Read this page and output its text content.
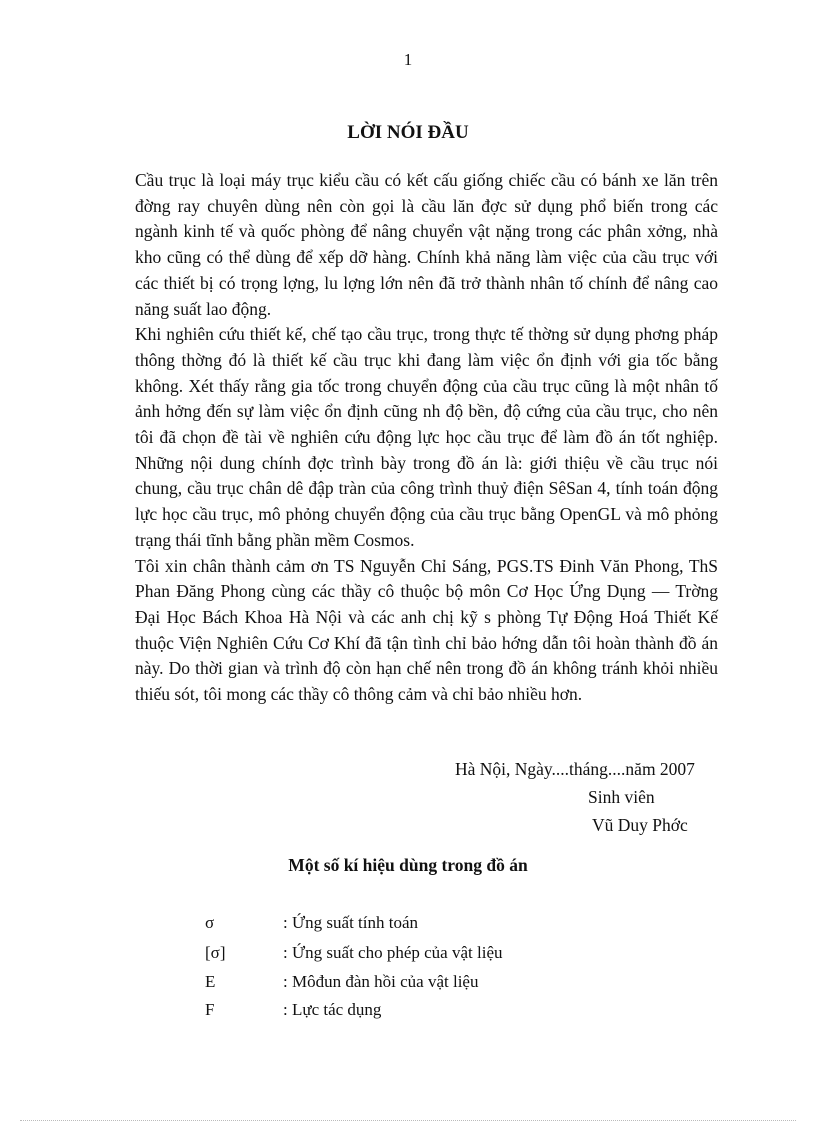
1
LỜI NÓI ĐẦU

Cầu trục là loại máy trục kiểu cầu có kết cấu giống chiếc cầu có bánh xe lăn trên đờng ray chuyên dùng nên còn gọi là cầu lăn đợc sử dụng phổ biến trong các ngành kinh tế và quốc phòng để nâng chuyển vật nặng trong các phân xởng, nhà kho cũng có thể dùng để xếp dỡ hàng. Chính khả năng làm việc của cầu trục với các thiết bị có trọng lợng, lu lợng lớn nên đã trở thành nhân tố chính để nâng cao năng suất lao động.

Khi nghiên cứu thiết kế, chế tạo cầu trục, trong thực tế thờng sử dụng phơng pháp thông thờng đó là thiết kế cầu trục khi đang làm việc ổn định với gia tốc bằng không. Xét thấy rằng gia tốc trong chuyển động của cầu trục cũng là một nhân tố ảnh hởng đến sự làm việc ổn định cũng nh độ bền, độ cứng của cầu trục, cho nên tôi đã chọn đề tài về nghiên cứu động lực học cầu trục để làm đồ án tốt nghiệp. Những nội dung chính đợc trình bày trong đồ án là: giới thiệu về cầu trục nói chung, cầu trục chân dê đập tràn của công trình thuỷ điện SêSan 4, tính toán động lực học cầu trục, mô phỏng chuyển động của cầu trục bằng OpenGL và mô phỏng trạng thái tĩnh bằng phần mềm Cosmos.

Tôi xin chân thành cảm ơn TS Nguyễn Chỉ Sáng, PGS.TS Đinh Văn Phong, ThS Phan Đăng Phong cùng các thầy cô thuộc bộ môn Cơ Học Ứng Dụng — Trờng Đại Học Bách Khoa Hà Nội và các anh chị kỹ s phòng Tự Động Hoá Thiết Kế thuộc Viện Nghiên Cứu Cơ Khí đã tận tình chỉ bảo hớng dẫn tôi hoàn thành đồ án này. Do thời gian và trình độ còn hạn chế nên trong đồ án không tránh khỏi nhiều thiếu sót, tôi mong các thầy cô thông cảm và chỉ bảo nhiều hơn.

Hà Nội, Ngày....tháng....năm 2007
Sinh viên
Vũ Duy Phớc
Một số kí hiệu dùng trong đồ án
σ	: Ứng suất tính toán
[σ]	: Ứng suất cho phép của vật liệu
E	: Môđun đàn hồi của vật liệu
F	: Lực tác dụng
